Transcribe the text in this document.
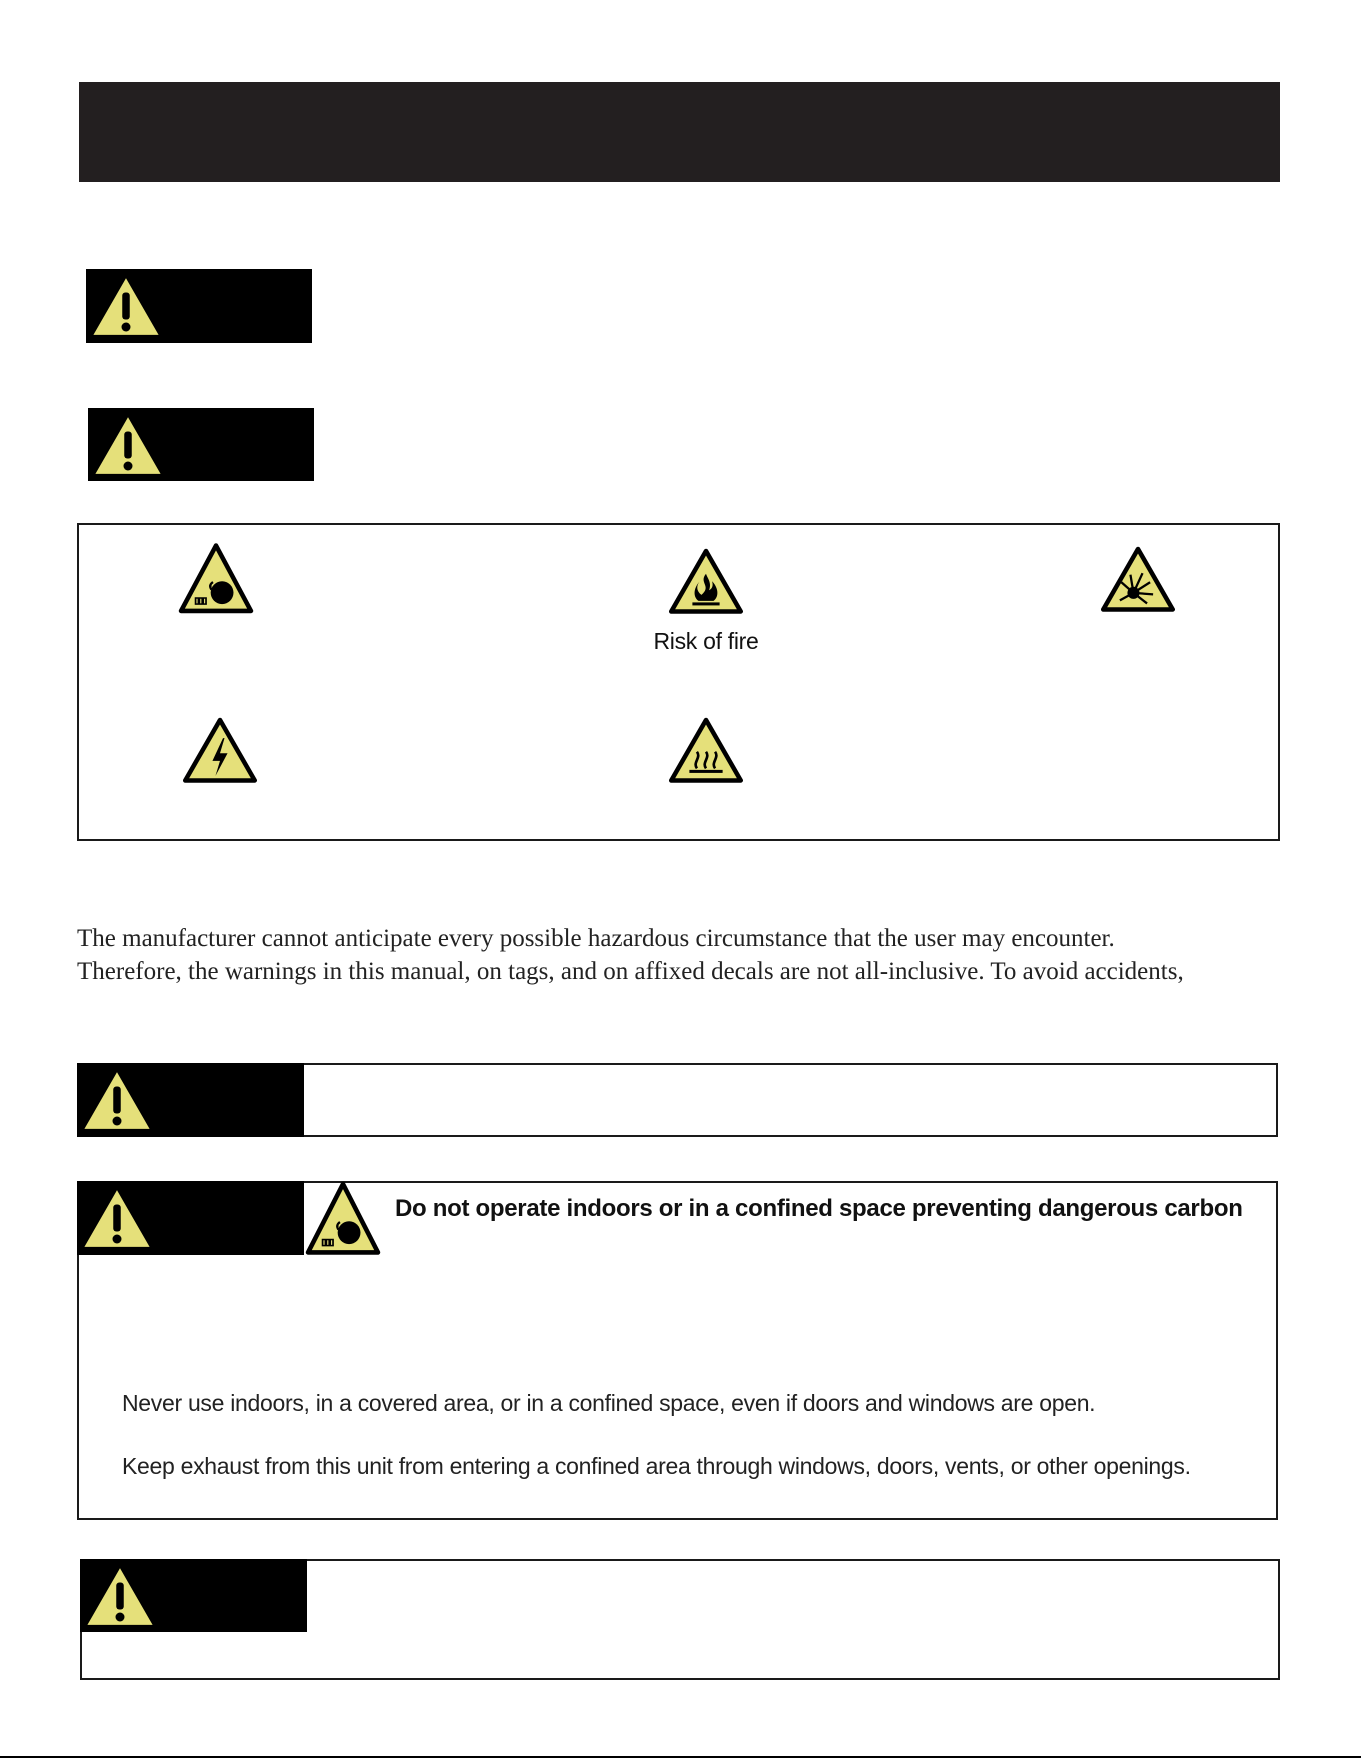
Risk of fire

The manufacturer cannot anticipate every possible hazardous circumstance that the user may encounter.
Therefore, the warnings in this manual, on tags, and on affixed decals are not all-inclusive. To avoid accidents,

Do not operate indoors or in a confined space preventing dangerous carbon

Never use indoors, in a covered area, or in a confined space, even if doors and windows are open.

Keep exhaust from this unit from entering a confined area through windows, doors, vents, or other openings.
